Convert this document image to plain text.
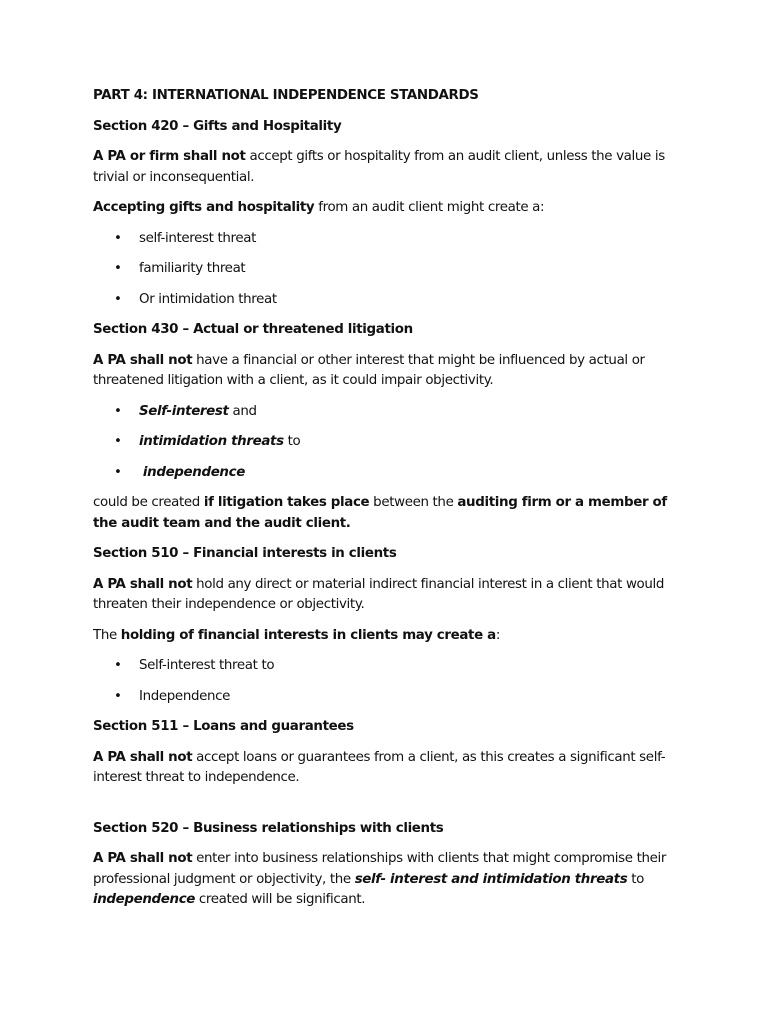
PART 4: INTERNATIONAL INDEPENDENCE STANDARDS

Section 420 – Gifts and Hospitality

A PA or firm shall not accept gifts or hospitality from an audit client, unless the value is trivial or inconsequential.

Accepting gifts and hospitality from an audit client might create a:

• self-interest threat
• familiarity threat
• Or intimidation threat

Section 430 – Actual or threatened litigation

A PA shall not have a financial or other interest that might be influenced by actual or threatened litigation with a client, as it could impair objectivity.

• Self-interest and
• intimidation threats to
• independence

could be created if litigation takes place between the auditing firm or a member of the audit team and the audit client.

Section 510 – Financial interests in clients

A PA shall not hold any direct or material indirect financial interest in a client that would threaten their independence or objectivity.

The holding of financial interests in clients may create a:

• Self-interest threat to
• Independence

Section 511 – Loans and guarantees

A PA shall not accept loans or guarantees from a client, as this creates a significant self-interest threat to independence.

Section 520 – Business relationships with clients

A PA shall not enter into business relationships with clients that might compromise their professional judgment or objectivity, the self- interest and intimidation threats to independence created will be significant.
